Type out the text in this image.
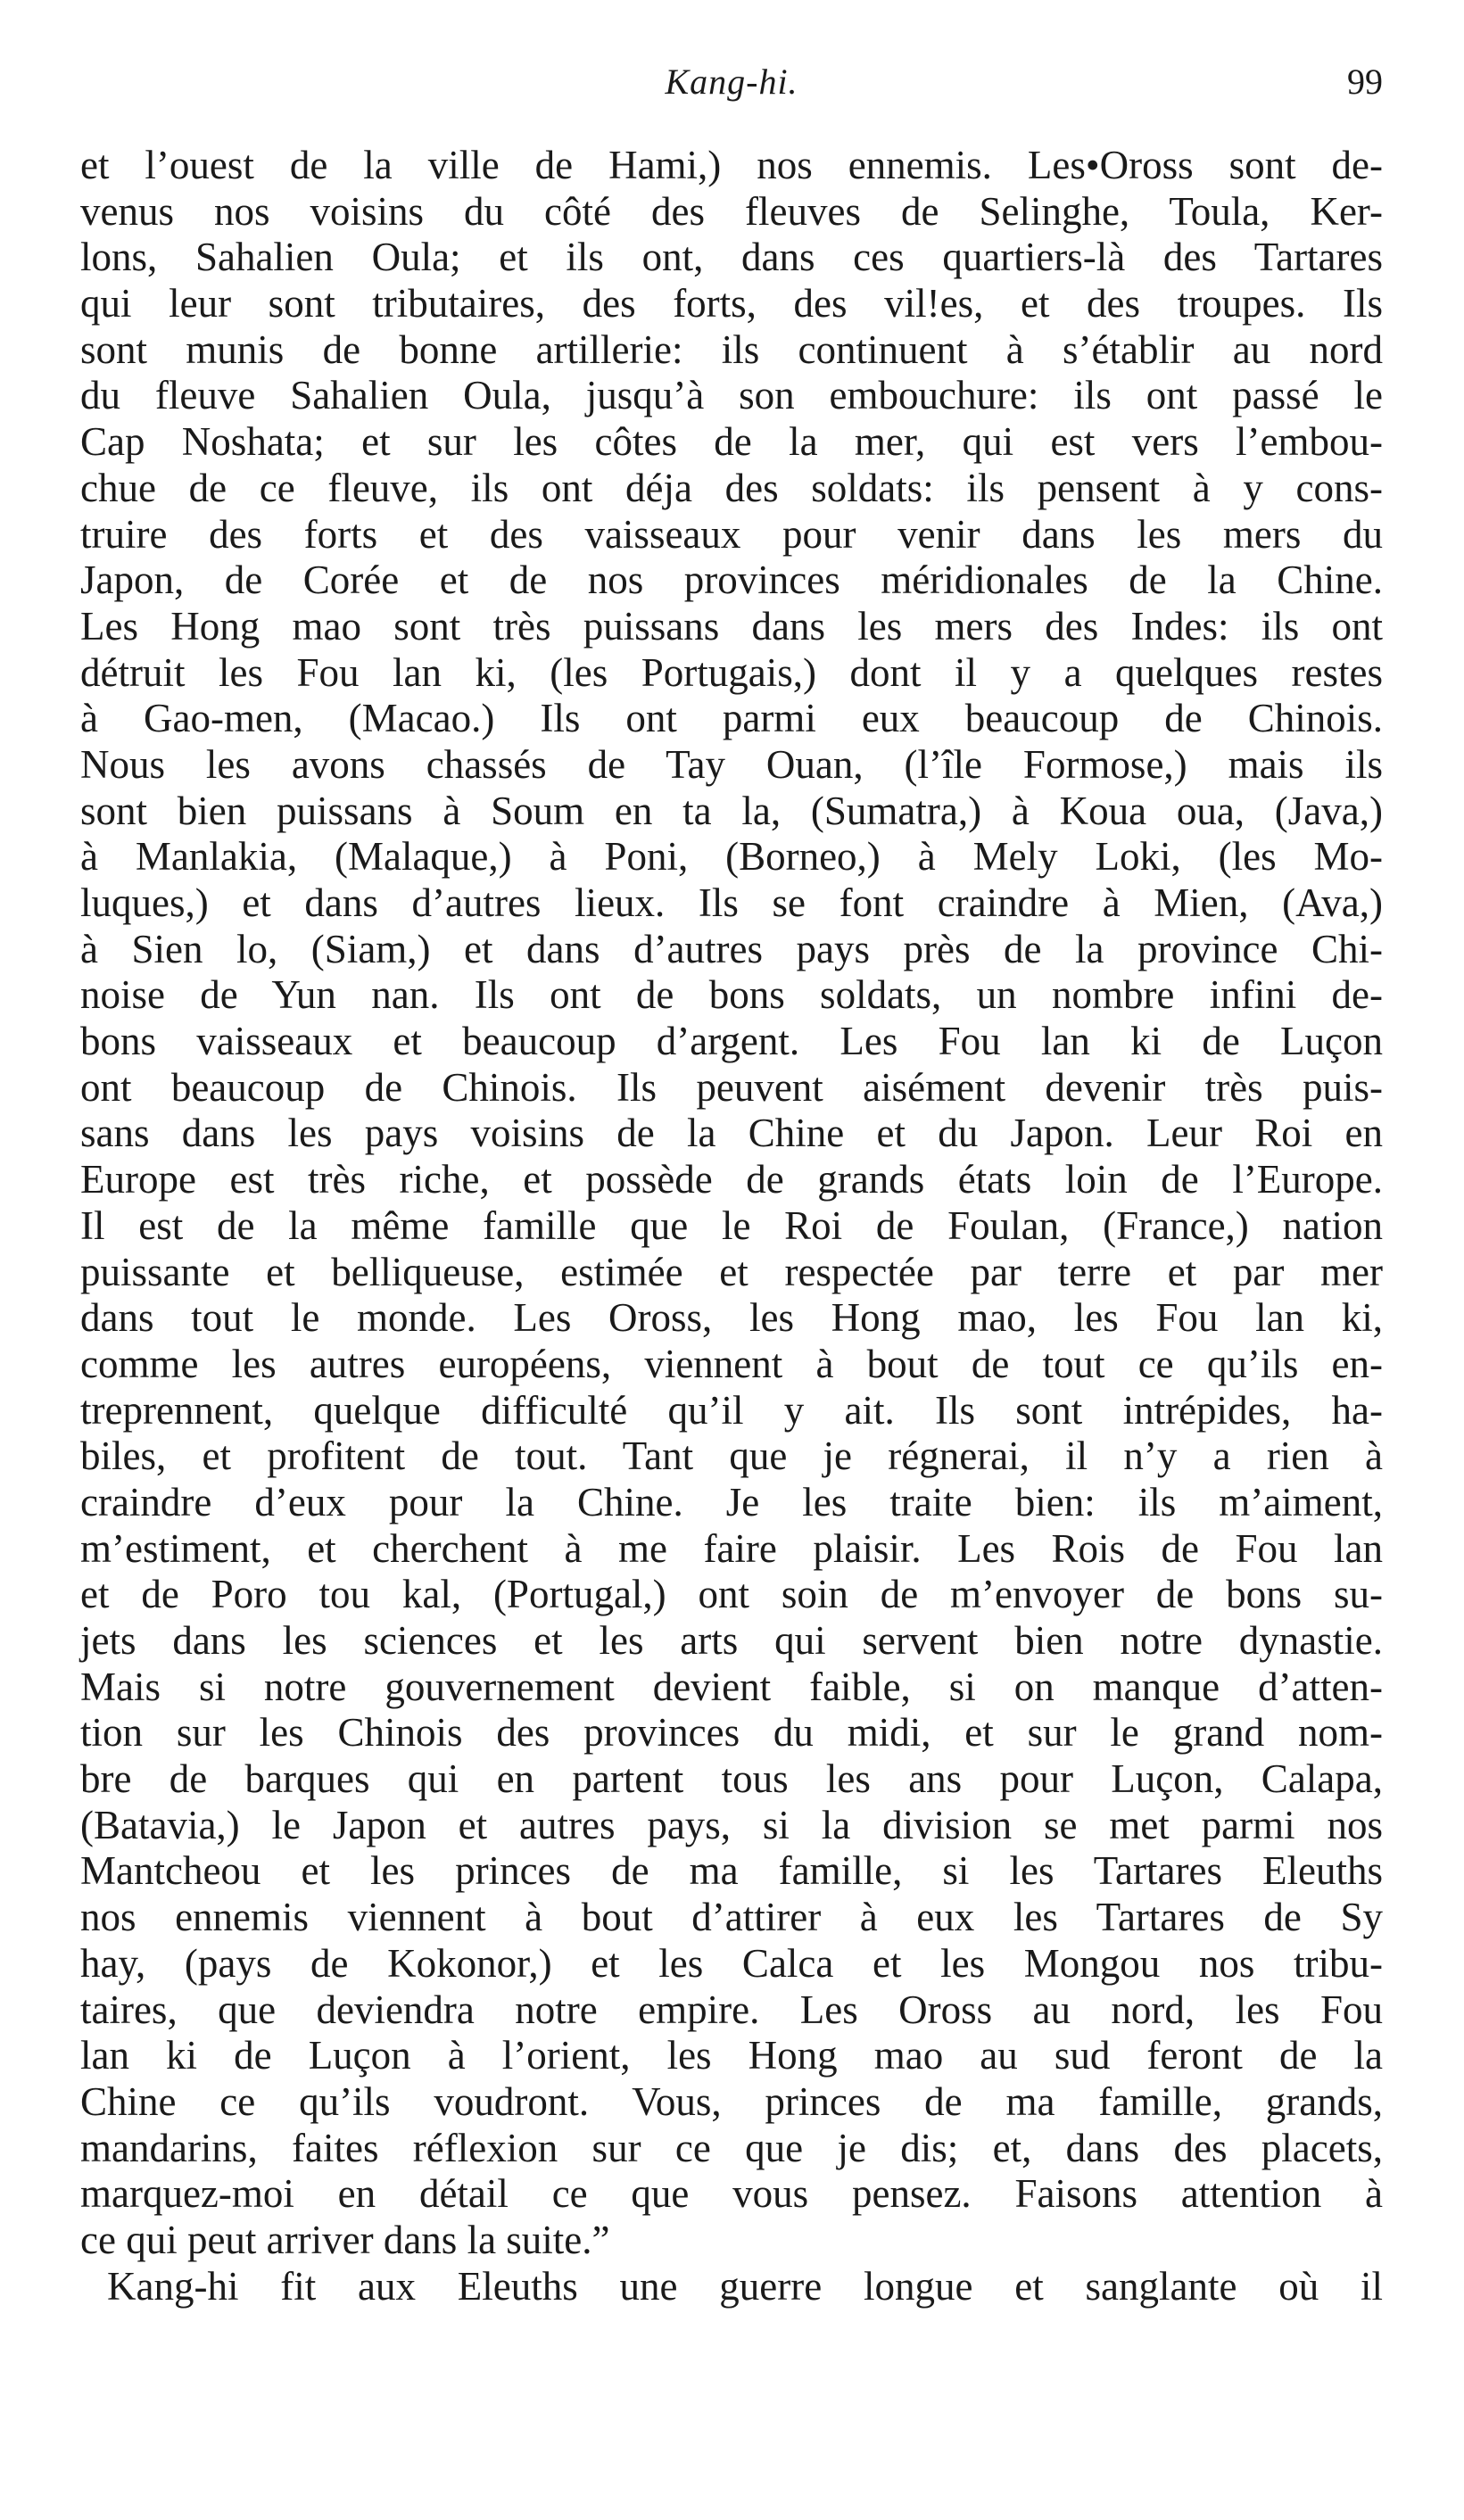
Kang-hi.	99
et l’ouest de la ville de Hami,) nos ennemis. Les•Oross sont de-
venus nos voisins du côté des fleuves de Selinghe, Toula, Ker-
lons, Sahalien Oula; et ils ont, dans ces quartiers-là des Tartares
qui leur sont tributaires, des forts, des vil!es, et des troupes. Ils
sont munis de bonne artillerie: ils continuent à s’établir au nord
du fleuve Sahalien Oula, jusqu’à son embouchure: ils ont passé le
Cap Noshata; et sur les côtes de la mer, qui est vers l’embou-
chue de ce fleuve, ils ont déja des soldats: ils pensent à y cons-
truire des forts et des vaisseaux pour venir dans les mers du
Japon, de Corée et de nos provinces méridionales de la Chine.
Les Hong mao sont très puissans dans les mers des Indes: ils ont
détruit les Fou lan ki, (les Portugais,) dont il y a quelques restes
à Gao-men, (Macao.) Ils ont parmi eux beaucoup de Chinois.
Nous les avons chassés de Tay Ouan, (l’île Formose,) mais ils
sont bien puissans à Soum en ta la, (Sumatra,) à Koua oua, (Java,)
à Manlakia, (Malaque,) à Poni, (Borneo,) à Mely Loki, (les Mo-
luques,) et dans d’autres lieux. Ils se font craindre à Mien, (Ava,)
à Sien lo, (Siam,) et dans d’autres pays près de la province Chi-
noise de Yun nan. Ils ont de bons soldats, un nombre infini de-
bons vaisseaux et beaucoup d’argent. Les Fou lan ki de Luçon
ont beaucoup de Chinois. Ils peuvent aisément devenir très puis-
sans dans les pays voisins de la Chine et du Japon. Leur Roi en
Europe est très riche, et possède de grands états loin de l’Europe.
Il est de la même famille que le Roi de Foulan, (France,) nation
puissante et belliqueuse, estimée et respectée par terre et par mer
dans tout le monde. Les Oross, les Hong mao, les Fou lan ki,
comme les autres européens, viennent à bout de tout ce qu’ils en-
treprennent, quelque difficulté qu’il y ait. Ils sont intrépides, ha-
biles, et profitent de tout. Tant que je régnerai, il n’y a rien à
craindre d’eux pour la Chine. Je les traite bien: ils m’aiment,
m’estiment, et cherchent à me faire plaisir. Les Rois de Fou lan
et de Poro tou kal, (Portugal,) ont soin de m’envoyer de bons su-
jets dans les sciences et les arts qui servent bien notre dynastie.
Mais si notre gouvernement devient faible, si on manque d’atten-
tion sur les Chinois des provinces du midi, et sur le grand nom-
bre de barques qui en partent tous les ans pour Luçon, Calapa,
(Batavia,) le Japon et autres pays, si la division se met parmi nos
Mantcheou et les princes de ma famille, si les Tartares Eleuths
nos ennemis viennent à bout d’attirer à eux les Tartares de Sy
hay, (pays de Kokonor,) et les Calca et les Mongou nos tribu-
taires, que deviendra notre empire. Les Oross au nord, les Fou
lan ki de Luçon à l’orient, les Hong mao au sud feront de la
Chine ce qu’ils voudront. Vous, princes de ma famille, grands,
mandarins, faites réflexion sur ce que je dis; et, dans des placets,
marquez-moi en détail ce que vous pensez. Faisons attention à
ce qui peut arriver dans la suite.”
Kang-hi fit aux Eleuths une guerre longue et sanglante où il
